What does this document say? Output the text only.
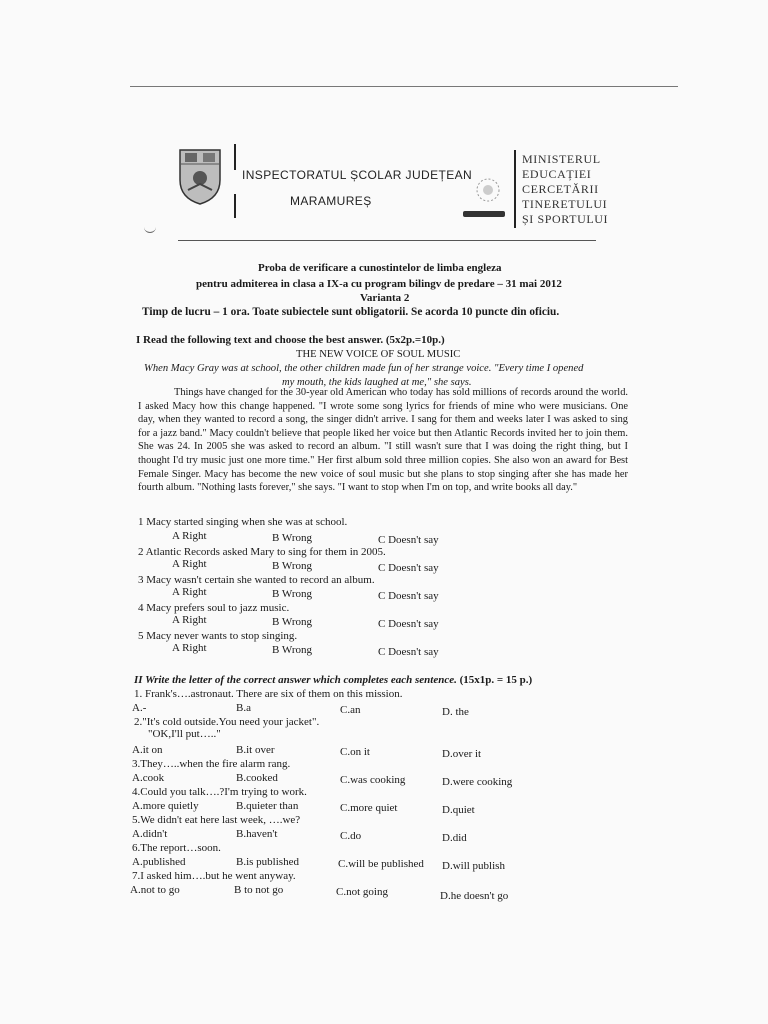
INSPECTORATUL ȘCOLAR JUDEȚEAN
MARAMUREȘ
MINISTERUL
EDUCAȚIEI
CERCETĂRII
TINERETULUI
ȘI SPORTULUI
Proba de verificare a cunostintelor de limba engleza
pentru admiterea in clasa a IX-a cu program bilingv de predare – 31 mai 2012
Varianta 2
Timp de lucru – 1 ora. Toate subiectele sunt obligatorii. Se acorda 10 puncte din oficiu.
I Read the following text and choose the best answer. (5x2p.=10p.)
THE NEW VOICE OF SOUL MUSIC
When Macy Gray was at school, the other children made fun of her strange voice. "Every time I opened
my mouth, the kids laughed at me," she says.

Things have changed for the 30-year old American who today has sold millions of records around the world. I asked Macy how this change happened. "I wrote some song lyrics for friends of mine who were musicians. One day, when they wanted to record a song, the singer didn't arrive. I sang for them and weeks later I was asked to sing for a jazz band." Macy couldn't believe that people liked her voice but then Atlantic Records invited her to join them. She was 24. In 2005 she was asked to record an album. "I still wasn't sure that I was doing the right thing, but I thought I'd try music just one more time." Her first album sold three million copies. She also won an award for Best Female Singer. Macy has become the new voice of soul music but she plans to stop singing after she has made her fourth album. "Nothing lasts forever," she says. "I want to stop when I'm on top, and write books all day."

1 Macy started singing when she was at school.
A Right	B Wrong	C Doesn't say
2 Atlantic Records asked Mary to sing for them in 2005.
A Right	B Wrong	C Doesn't say
3 Macy wasn't certain she wanted to record an album.
A Right	B Wrong	C Doesn't say
4 Macy prefers soul to jazz music.
A Right	B Wrong	C Doesn't say
5 Macy never wants to stop singing.
A Right	B Wrong	C Doesn't say
II Write the letter of the correct answer which completes each sentence. (15x1p. = 15 p.)
1. Frank's….astronaut. There are six of them on this mission.
A.-	B.a	C.an	D. the
2."It's cold outside.You need your jacket".
"OK,I'll put….."
A.it on	B.it over	C.on it	D.over it
3.They…..when the fire alarm rang.
A.cook	B.cooked	C.was cooking	D.were cooking
4.Could you talk….?I'm trying to work.
A.more quietly	B.quieter than	C.more quiet	D.quiet
5.We didn't eat here last week, ….we?
A.didn't	B.haven't	C.do	D.did
6.The report…soon.
A.published	B.is published	C.will be published D.will publish
7.I asked him….but he went anyway.
A.not to go	B to not go	C.not going	D.he doesn't go
